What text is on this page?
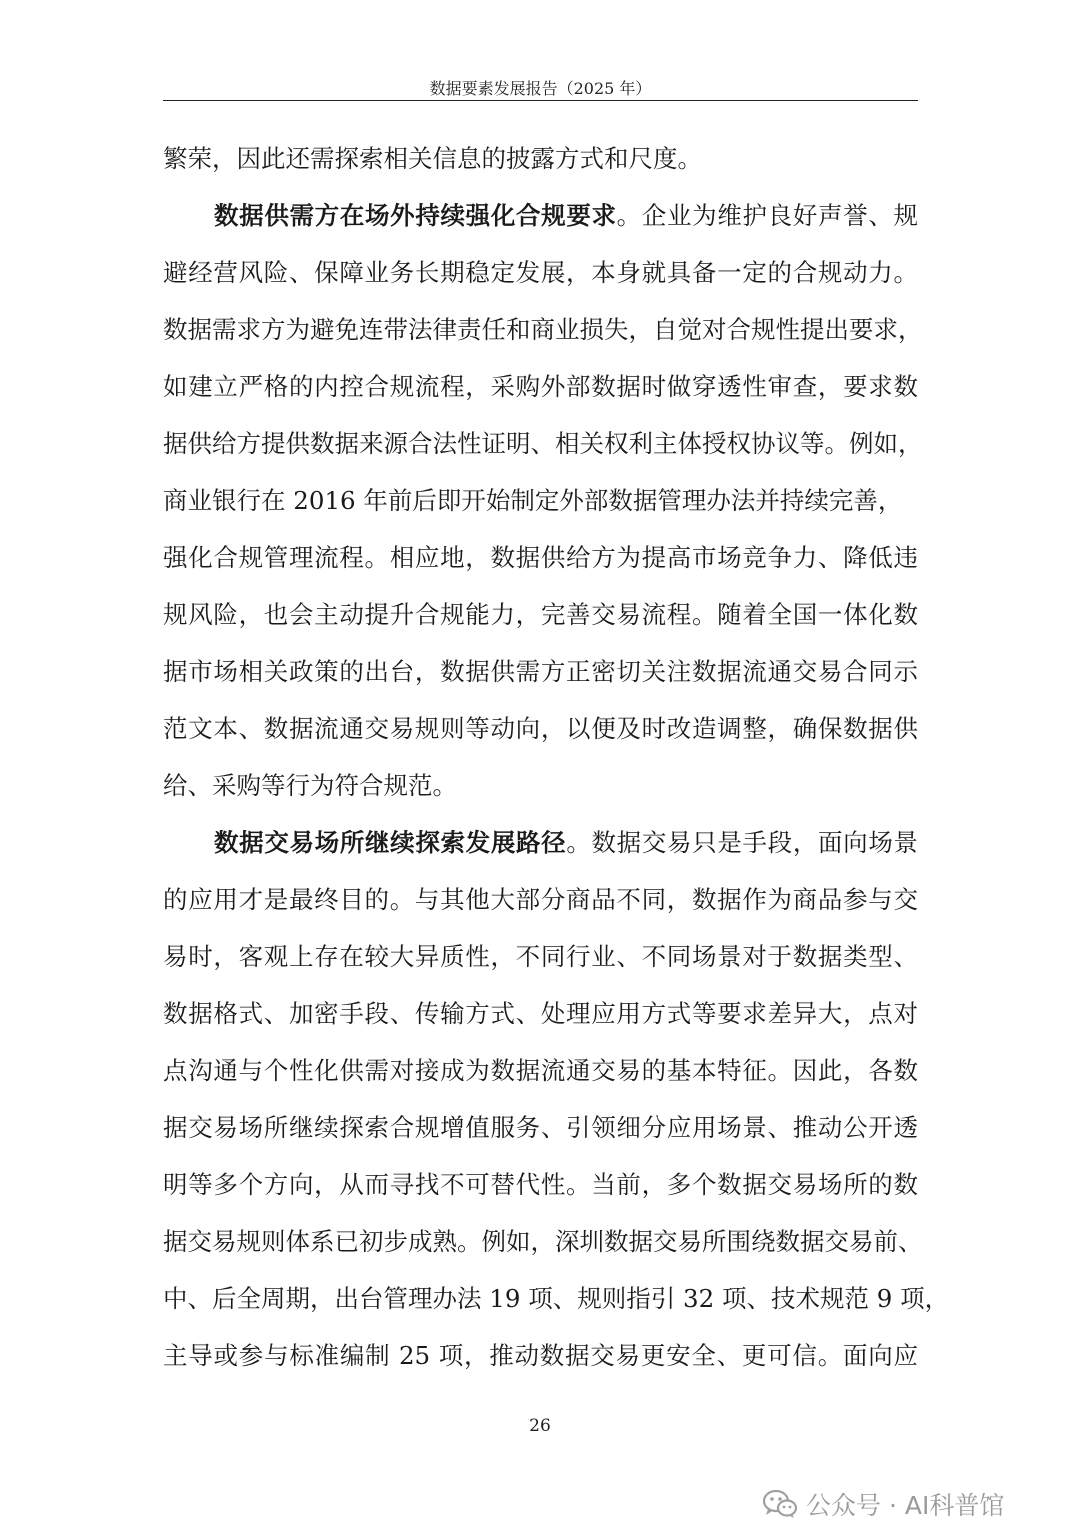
数据要素发展报告（2025 年）
繁荣，因此还需探索相关信息的披露方式和尺度。
数据供需方在场外持续强化合规要求。企业为维护良好声誉、规
避经营风险、保障业务长期稳定发展，本身就具备一定的合规动力。
数据需求方为避免连带法律责任和商业损失，自觉对合规性提出要求，
如建立严格的内控合规流程，采购外部数据时做穿透性审查，要求数
据供给方提供数据来源合法性证明、相关权利主体授权协议等。例如，
商业银行在 2016 年前后即开始制定外部数据管理办法并持续完善，
强化合规管理流程。相应地，数据供给方为提高市场竞争力、降低违
规风险，也会主动提升合规能力，完善交易流程。随着全国一体化数
据市场相关政策的出台，数据供需方正密切关注数据流通交易合同示
范文本、数据流通交易规则等动向，以便及时改造调整，确保数据供
给、采购等行为符合规范。
数据交易场所继续探索发展路径。数据交易只是手段，面向场景
的应用才是最终目的。与其他大部分商品不同，数据作为商品参与交
易时，客观上存在较大异质性，不同行业、不同场景对于数据类型、
数据格式、加密手段、传输方式、处理应用方式等要求差异大，点对
点沟通与个性化供需对接成为数据流通交易的基本特征。因此，各数
据交易场所继续探索合规增值服务、引领细分应用场景、推动公开透
明等多个方向，从而寻找不可替代性。当前，多个数据交易场所的数
据交易规则体系已初步成熟。例如，深圳数据交易所围绕数据交易前、
中、后全周期，出台管理办法 19 项、规则指引 32 项、技术规范 9 项，
主导或参与标准编制 25 项，推动数据交易更安全、更可信。面向应
26
公众号 · AI科普馆
